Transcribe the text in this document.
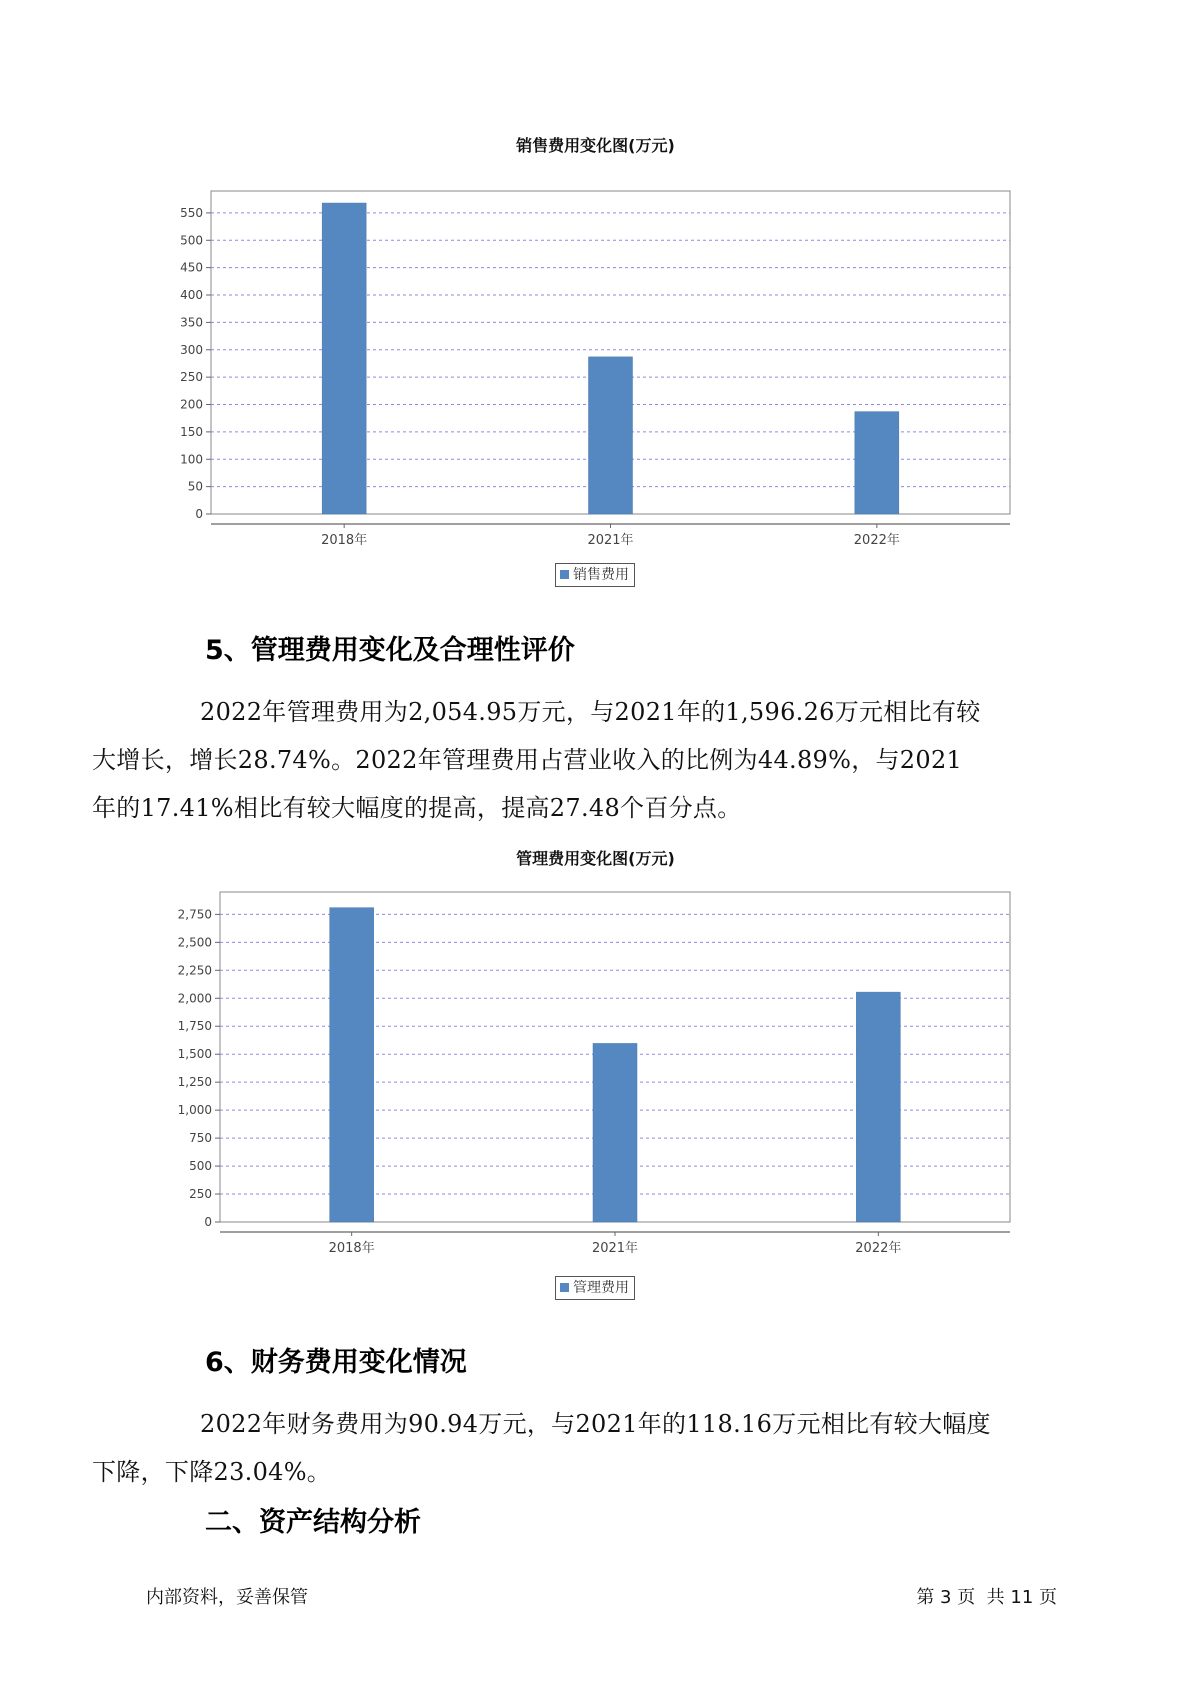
销售费用变化图(万元)
0
50
100
150
200
250
300
350
400
450
500
550
2018年	2021年	2022年
销售费用
5、管理费用变化及合理性评价
2022年管理费用为2,054.95万元，与2021年的1,596.26万元相比有较
大增长，增长28.74%。2022年管理费用占营业收入的比例为44.89%，与2021
年的17.41%相比有较大幅度的提高，提高27.48个百分点。
管理费用变化图(万元)
0
250
500
750
1,000
1,250
1,500
1,750
2,000
2,250
2,500
2,750
2018年	2021年	2022年
管理费用
6、财务费用变化情况
2022年财务费用为90.94万元，与2021年的118.16万元相比有较大幅度
下降，下降23.04%。
二、资产结构分析
内部资料，妥善保管	第 3 页  共 11 页
